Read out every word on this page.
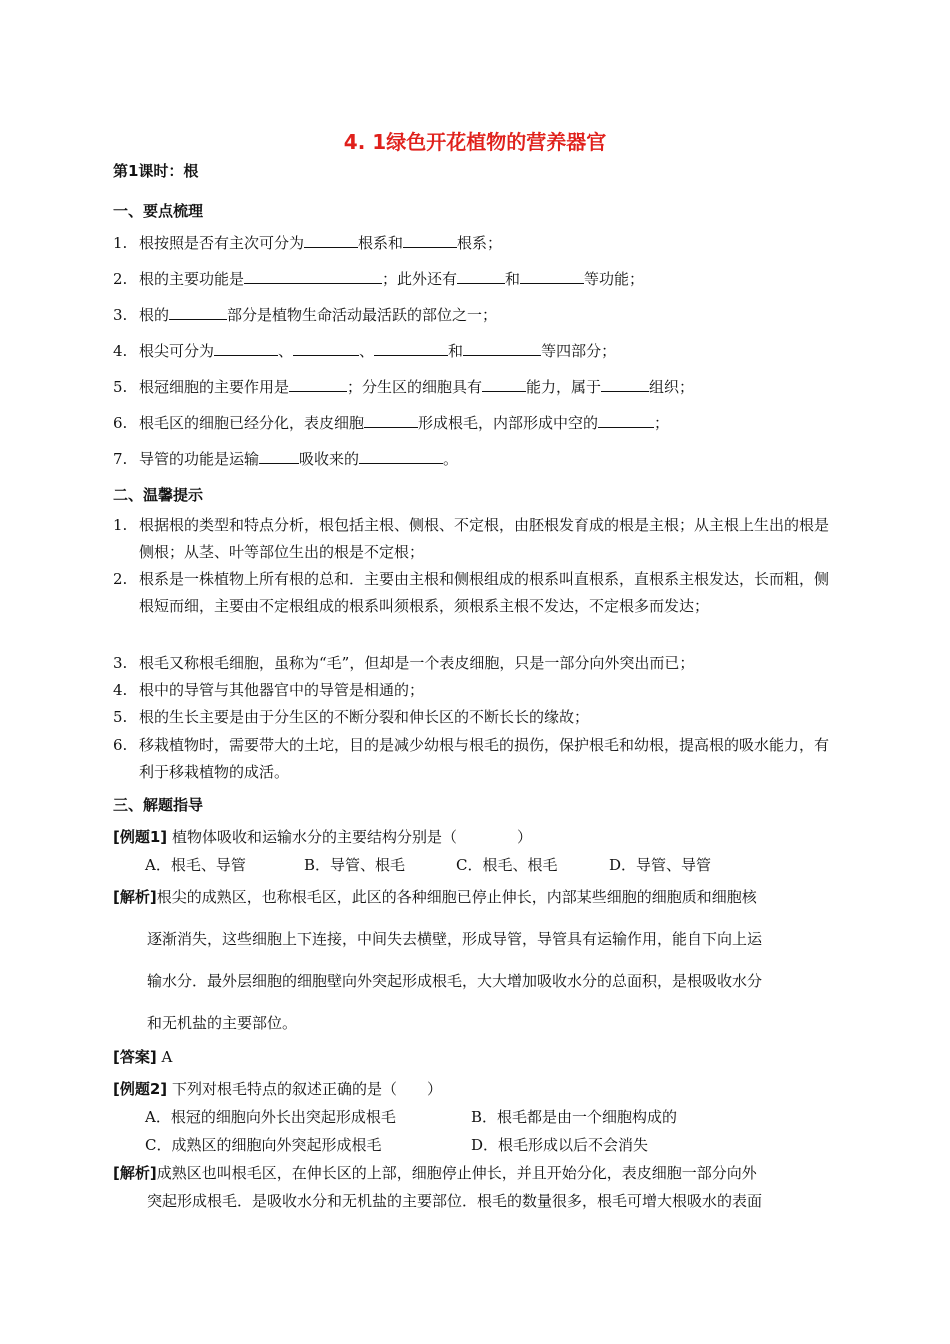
4. 1绿色开花植物的营养器官
第1课时：根
一、要点梳理
1. 根按照是否有主次可分为	根系和	根系；
2. 根的主要功能是	；此外还有	和	等功能；
3. 根的	部分是植物生命活动最活跃的部位之一；
4. 根尖可分为	、	、	和	等四部分；
5. 根冠细胞的主要作用是	；分生区的细胞具有	能力，属于	组织；
6. 根毛区的细胞已经分化，表皮细胞	形成根毛，内部形成中空的	；
7. 导管的功能是运输	吸收来的	。
二、温馨提示
1. 根据根的类型和特点分析，根包括主根、侧根、不定根，由胚根发育成的根是主根；从主根上生出的根是侧根；从茎、叶等部位生出的根是不定根；
2. 根系是一株植物上所有根的总和．主要由主根和侧根组成的根系叫直根系，直根系主根发达，长而粗，侧根短而细，主要由不定根组成的根系叫须根系，须根系主根不发达，不定根多而发达；
3. 根毛又称根毛细胞，虽称为“毛”，但却是一个表皮细胞，只是一部分向外突出而已；
4. 根中的导管与其他器官中的导管是相通的；
5. 根的生长主要是由于分生区的不断分裂和伸长区的不断长长的缘故；
6. 移栽植物时，需要带大的土坨，目的是减少幼根与根毛的损伤，保护根毛和幼根，提高根的吸水能力，有利于移栽植物的成活。
三、解题指导
[例题1] 植物体吸收和运输水分的主要结构分别是（　　　　）
A．根毛、导管	B．导管、根毛	C．根毛、根毛	D．导管、导管
[解析]根尖的成熟区，也称根毛区，此区的各种细胞已停止伸长，内部某些细胞的细胞质和细胞核
逐渐消失，这些细胞上下连接，中间失去横壁，形成导管，导管具有运输作用，能自下向上运
输水分．最外层细胞的细胞壁向外突起形成根毛，大大增加吸收水分的总面积，是根吸收水分
和无机盐的主要部位。
[答案] A
[例题2] 下列对根毛特点的叙述正确的是（　　）
A．根冠的细胞向外长出突起形成根毛	B．根毛都是由一个细胞构成的
C．成熟区的细胞向外突起形成根毛	D．根毛形成以后不会消失
[解析]成熟区也叫根毛区，在伸长区的上部，细胞停止伸长，并且开始分化，表皮细胞一部分向外
突起形成根毛．是吸收水分和无机盐的主要部位．根毛的数量很多，根毛可增大根吸水的表面
